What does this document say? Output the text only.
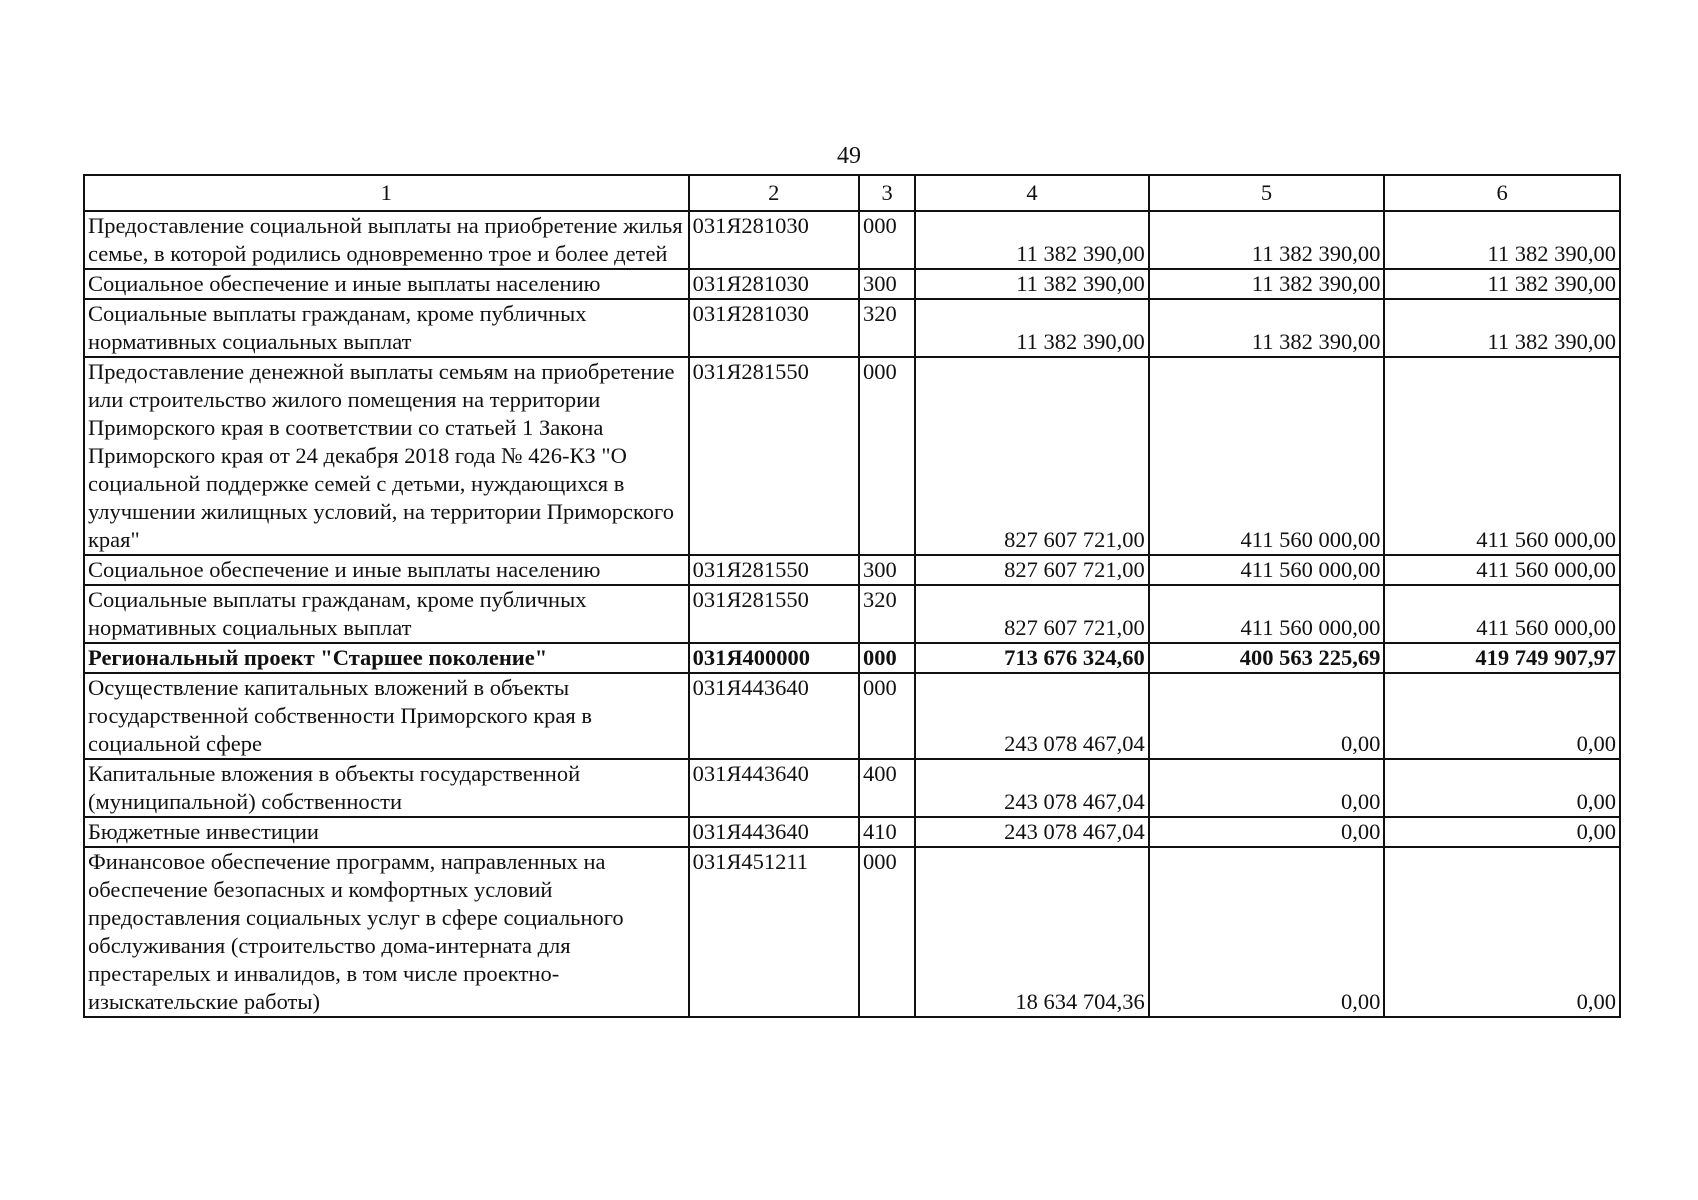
49
1	2	3	4	5	6
Предоставление социальной выплаты на приобретение жилья семье, в которой родились одновременно трое и более детей	031Я281030	000	11 382 390,00	11 382 390,00	11 382 390,00
Социальное обеспечение и иные выплаты населению	031Я281030	300	11 382 390,00	11 382 390,00	11 382 390,00
Социальные выплаты гражданам, кроме публичных нормативных социальных выплат	031Я281030	320	11 382 390,00	11 382 390,00	11 382 390,00
Предоставление денежной выплаты семьям на приобретение или строительство жилого помещения на территории Приморского края в соответствии со статьей 1 Закона Приморского края от 24 декабря 2018 года № 426-КЗ "О социальной поддержке семей с детьми, нуждающихся в улучшении жилищных условий, на территории Приморского края"	031Я281550	000	827 607 721,00	411 560 000,00	411 560 000,00
Социальное обеспечение и иные выплаты населению	031Я281550	300	827 607 721,00	411 560 000,00	411 560 000,00
Социальные выплаты гражданам, кроме публичных нормативных социальных выплат	031Я281550	320	827 607 721,00	411 560 000,00	411 560 000,00
Региональный проект "Старшее поколение"	031Я400000	000	713 676 324,60	400 563 225,69	419 749 907,97
Осуществление капитальных вложений в объекты государственной собственности Приморского края в социальной сфере	031Я443640	000	243 078 467,04	0,00	0,00
Капитальные вложения в объекты государственной (муниципальной) собственности	031Я443640	400	243 078 467,04	0,00	0,00
Бюджетные инвестиции	031Я443640	410	243 078 467,04	0,00	0,00
Финансовое обеспечение программ, направленных на обеспечение безопасных и комфортных условий предоставления социальных услуг в сфере социального обслуживания (строительство дома-интерната для престарелых и инвалидов, в том числе проектно-изыскательские работы)	031Я451211	000	18 634 704,36	0,00	0,00
